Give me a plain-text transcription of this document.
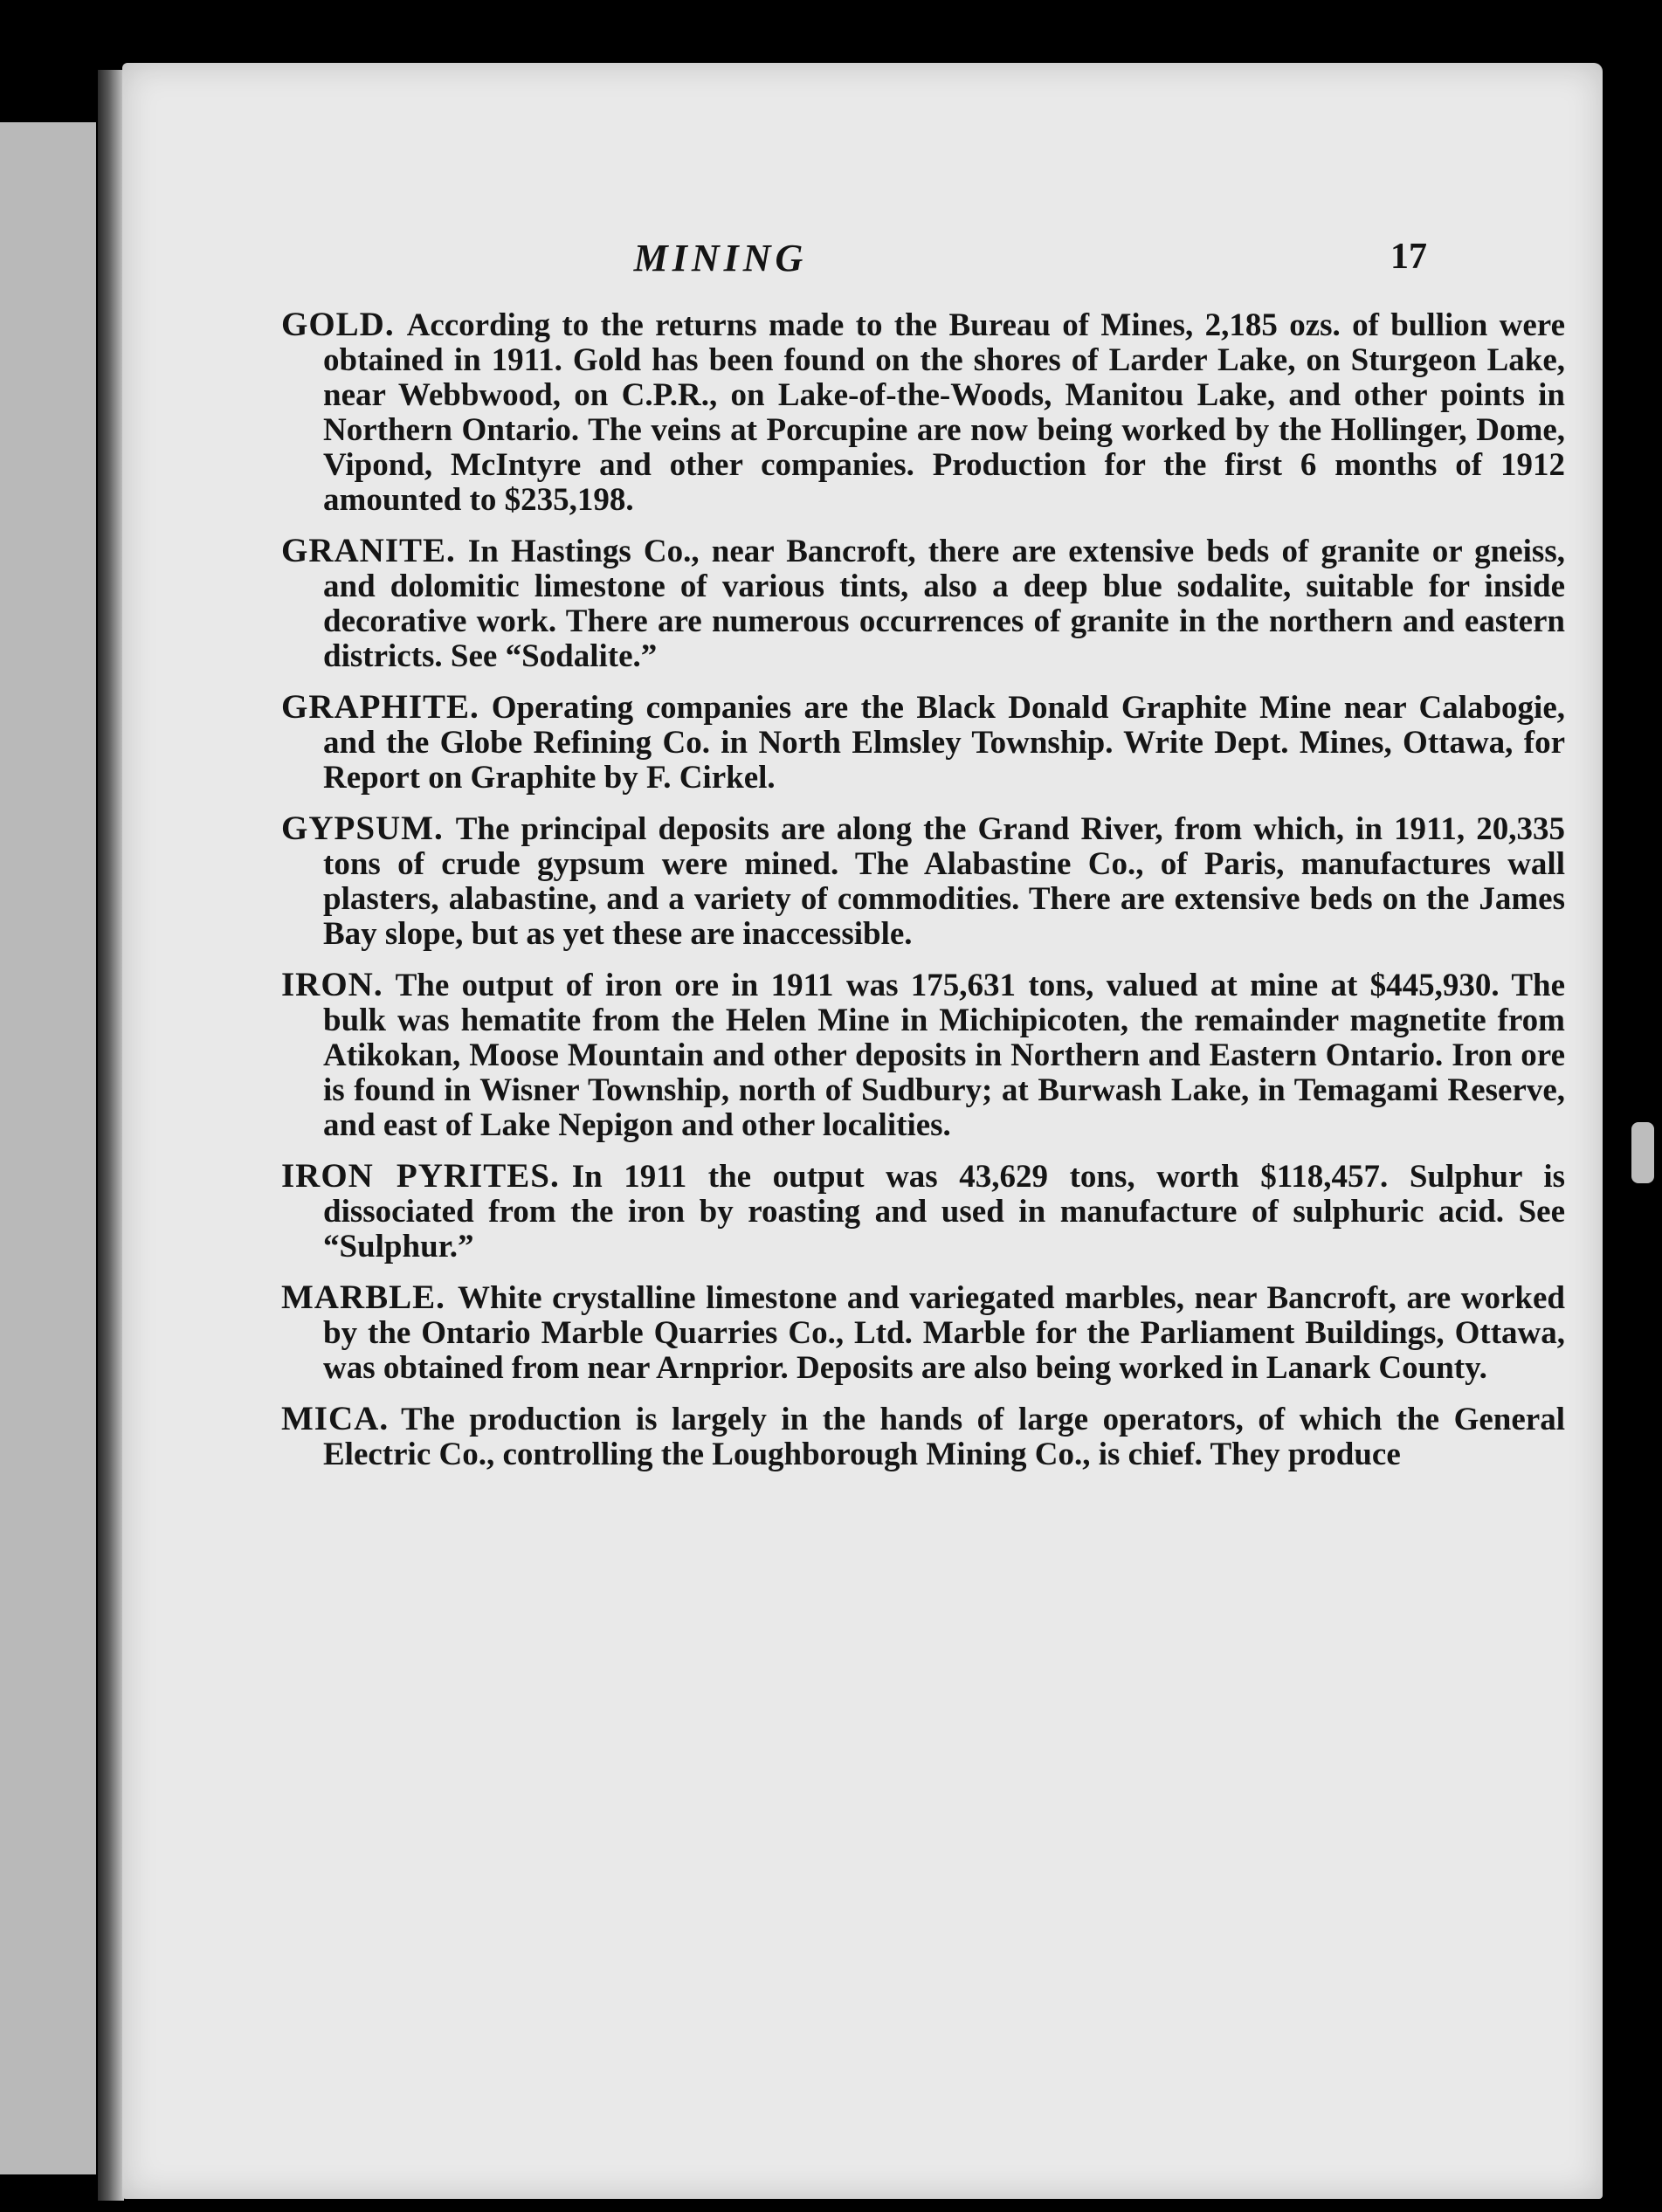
MINING	17

GOLD. According to the returns made to the Bureau of Mines, 2,185 ozs. of bullion were obtained in 1911. Gold has been found on the shores of Larder Lake, on Sturgeon Lake, near Webbwood, on C.P.R., on Lake-of-the-Woods, Manitou Lake, and other points in Northern Ontario. The veins at Porcupine are now being worked by the Hollinger, Dome, Vipond, McIntyre and other companies. Production for the first 6 months of 1912 amounted to $235,198.

GRANITE. In Hastings Co., near Bancroft, there are extensive beds of granite or gneiss, and dolomitic limestone of various tints, also a deep blue sodalite, suitable for inside decorative work. There are numerous occurrences of granite in the northern and eastern districts. See “Sodalite.”

GRAPHITE. Operating companies are the Black Donald Graphite Mine near Calabogie, and the Globe Refining Co. in North Elmsley Township. Write Dept. Mines, Ottawa, for Report on Graphite by F. Cirkel.

GYPSUM. The principal deposits are along the Grand River, from which, in 1911, 20,335 tons of crude gypsum were mined. The Alabastine Co., of Paris, manufactures wall plasters, alabastine, and a variety of commodities. There are extensive beds on the James Bay slope, but as yet these are inaccessible.

IRON. The output of iron ore in 1911 was 175,631 tons, valued at mine at $445,930. The bulk was hematite from the Helen Mine in Michipicoten, the remainder magnetite from Atikokan, Moose Mountain and other deposits in Northern and Eastern Ontario. Iron ore is found in Wisner Township, north of Sudbury; at Burwash Lake, in Temagami Reserve, and east of Lake Nepigon and other localities.

IRON PYRITES. In 1911 the output was 43,629 tons, worth $118,457. Sulphur is dissociated from the iron by roasting and used in manufacture of sulphuric acid. See “Sulphur.”

MARBLE. White crystalline limestone and variegated marbles, near Bancroft, are worked by the Ontario Marble Quarries Co., Ltd. Marble for the Parliament Buildings, Ottawa, was obtained from near Arnprior. Deposits are also being worked in Lanark County.

MICA. The production is largely in the hands of large operators, of which the General Electric Co., controlling the Loughborough Mining Co., is chief. They produce
